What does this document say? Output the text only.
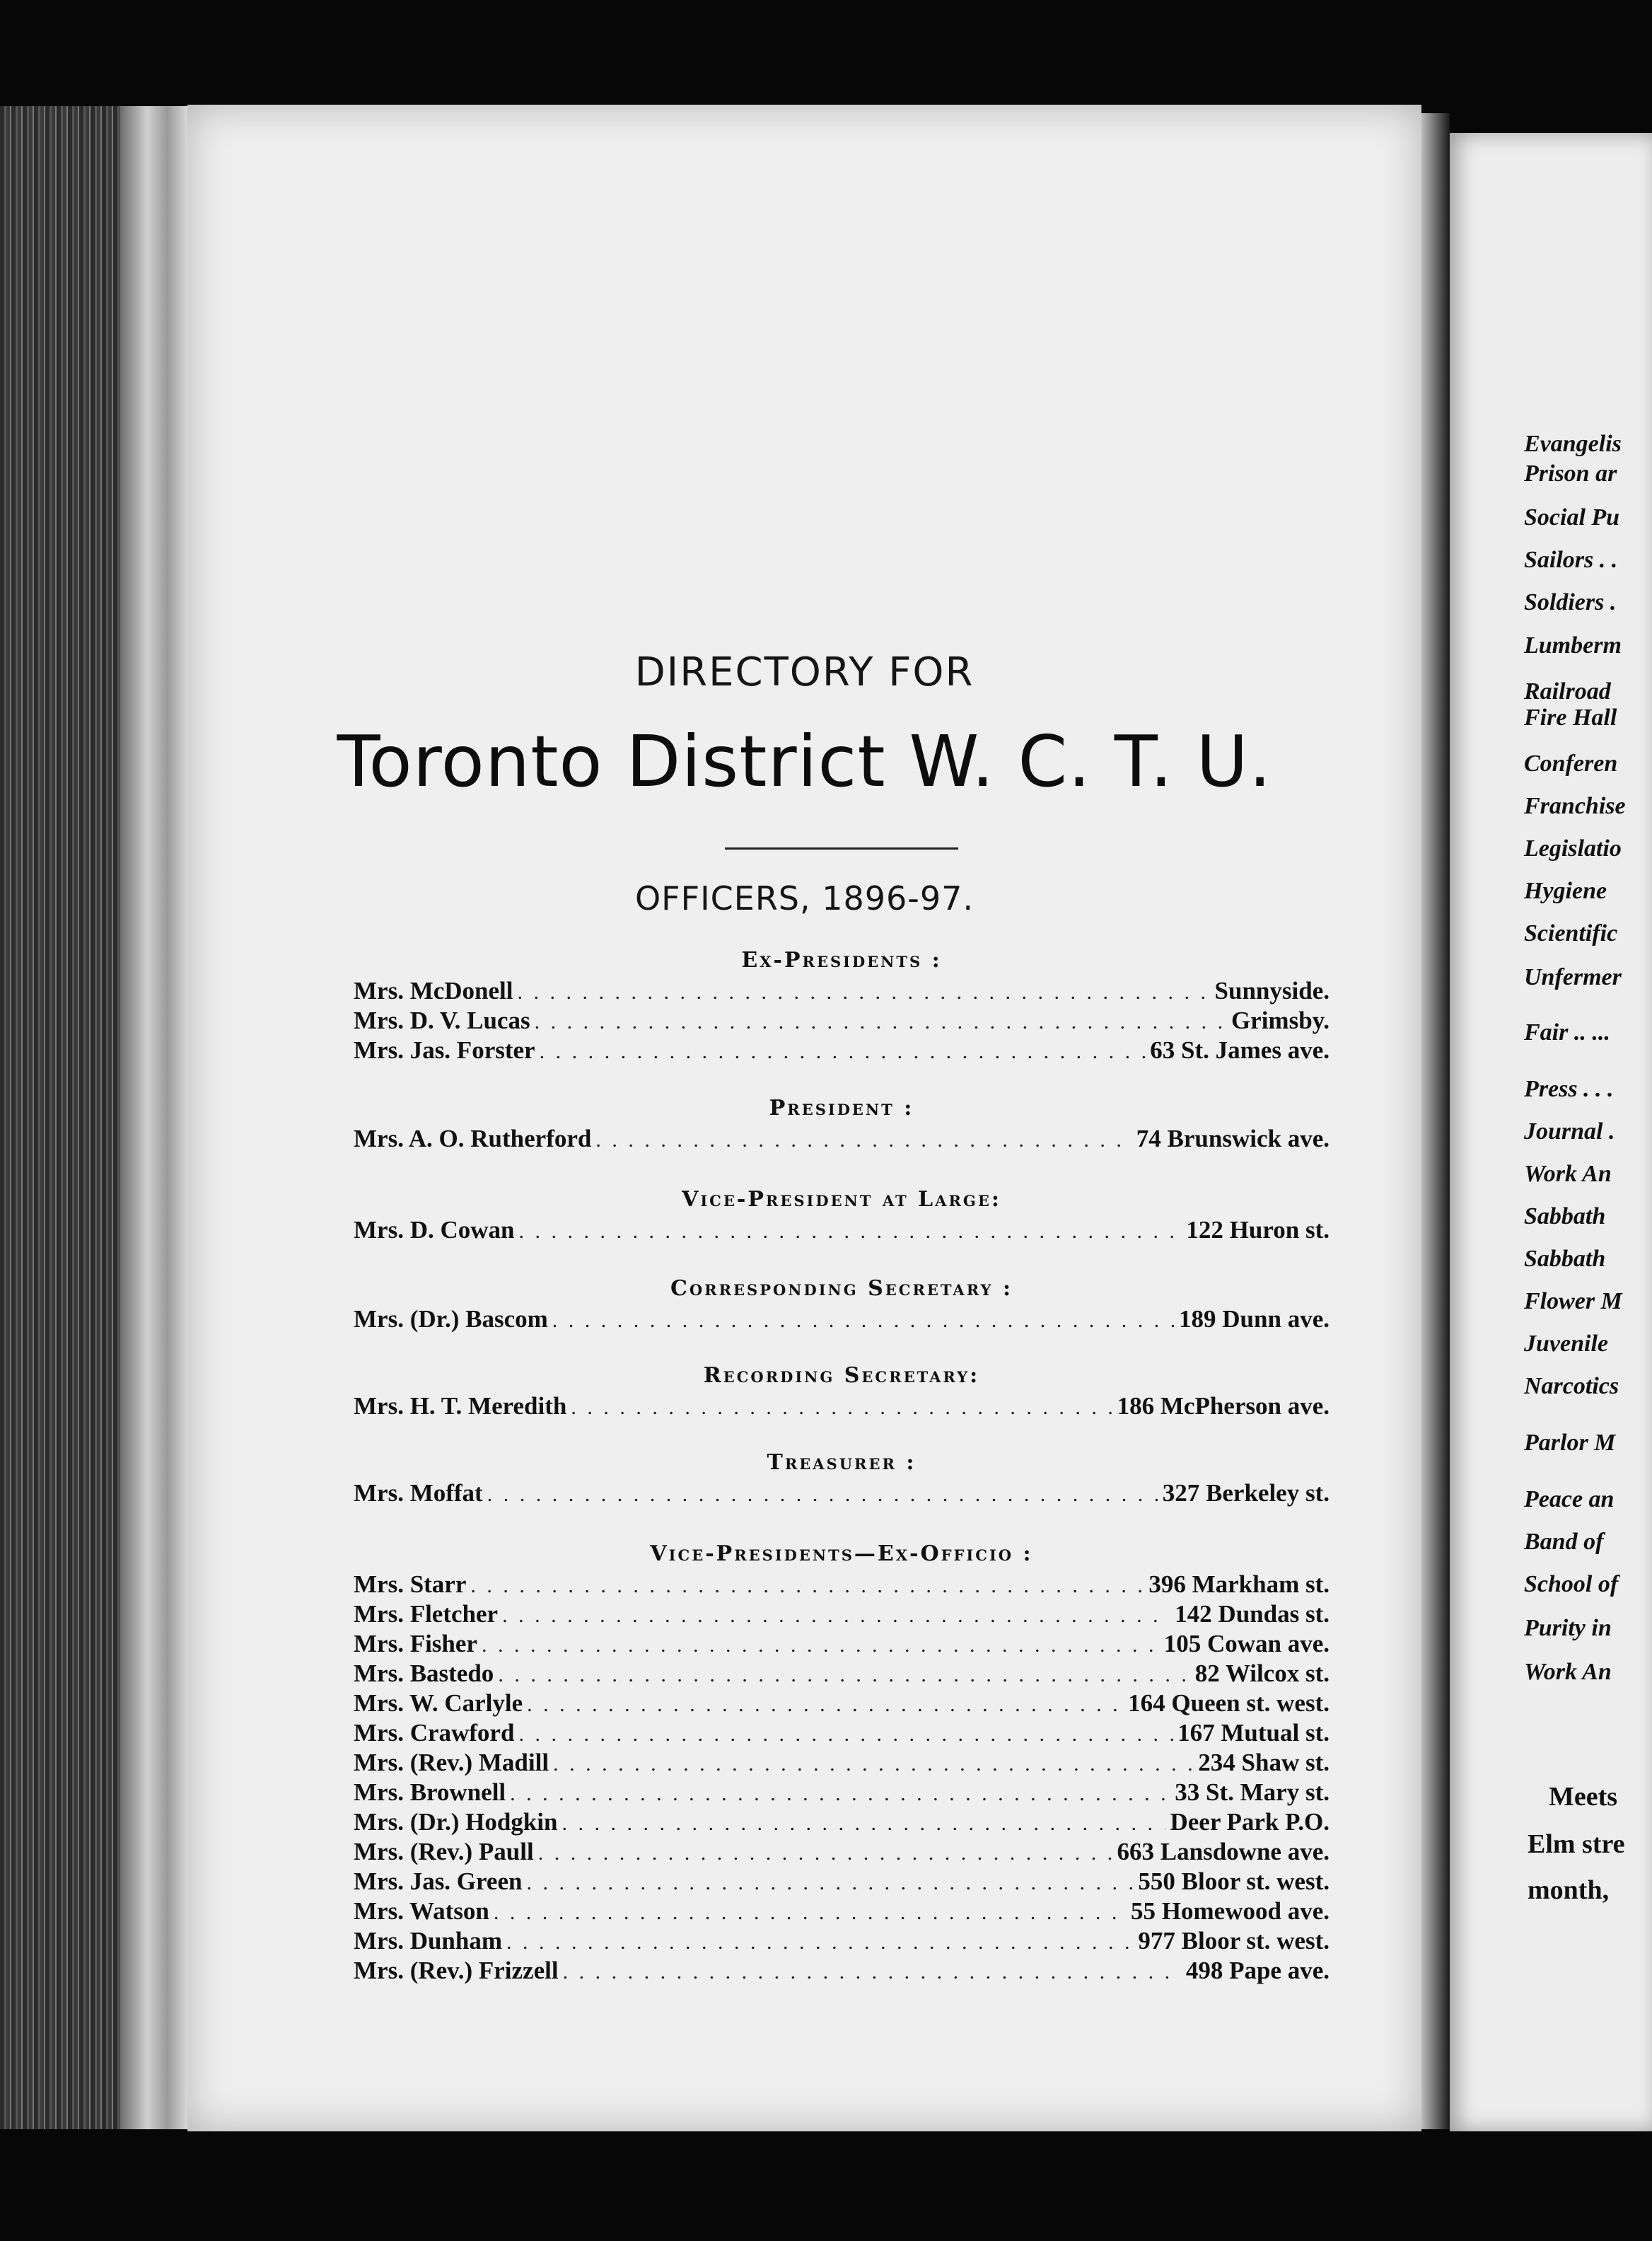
DIRECTORY FOR
Toronto District W. C. T. U.
OFFICERS, 1896-97.
Ex-Presidents :
Mrs. McDonell . . .	Sunnyside.
Mrs. D. V. Lucas . . .	Grimsby.
Mrs. Jas. Forster . . .	63 St. James ave.
President :
Mrs. A. O. Rutherford . . .	74 Brunswick ave.
Vice-President at Large:
Mrs. D. Cowan . . .	122 Huron st.
Corresponding Secretary :
Mrs. (Dr.) Bascom . . .	189 Dunn ave.
Recording Secretary:
Mrs. H. T. Meredith . . .	186 McPherson ave.
Treasurer :
Mrs. Moffat . . .	327 Berkeley st.
Vice-Presidents—Ex-Officio :
Mrs. Starr . . .	396 Markham st.
Mrs. Fletcher . . .	142 Dundas st.
Mrs. Fisher . . .	105 Cowan ave.
Mrs. Bastedo . . .	82 Wilcox st.
Mrs. W. Carlyle . . .	164 Queen st. west.
Mrs. Crawford . . .	167 Mutual st.
Mrs. (Rev.) Madill . . .	234 Shaw st.
Mrs. Brownell . . .	33 St. Mary st.
Mrs. (Dr.) Hodgkin . . .	Deer Park P.O.
Mrs. (Rev.) Paull . . .	663 Lansdowne ave.
Mrs. Jas. Green . . .	550 Bloor st. west.
Mrs. Watson . . .	55 Homewood ave.
Mrs. Dunham . . .	977 Bloor st. west.
Mrs. (Rev.) Frizzell . . .	498 Pape ave.
Evangelis
Prison ar
Social Pu
Sailors . .
Soldiers .
Lumberm
Railroad
Fire Hall
Conferen
Franchise
Legislatio
Hygiene
Scientific
Unfermer
Fair .. ...
Press . . .
Journal .
Work An
Sabbath
Sabbath
Flower M
Juvenile
Narcotics
Parlor M
Peace an
Band of
School of
Purity in
Work An
Meets
Elm stre
month,
